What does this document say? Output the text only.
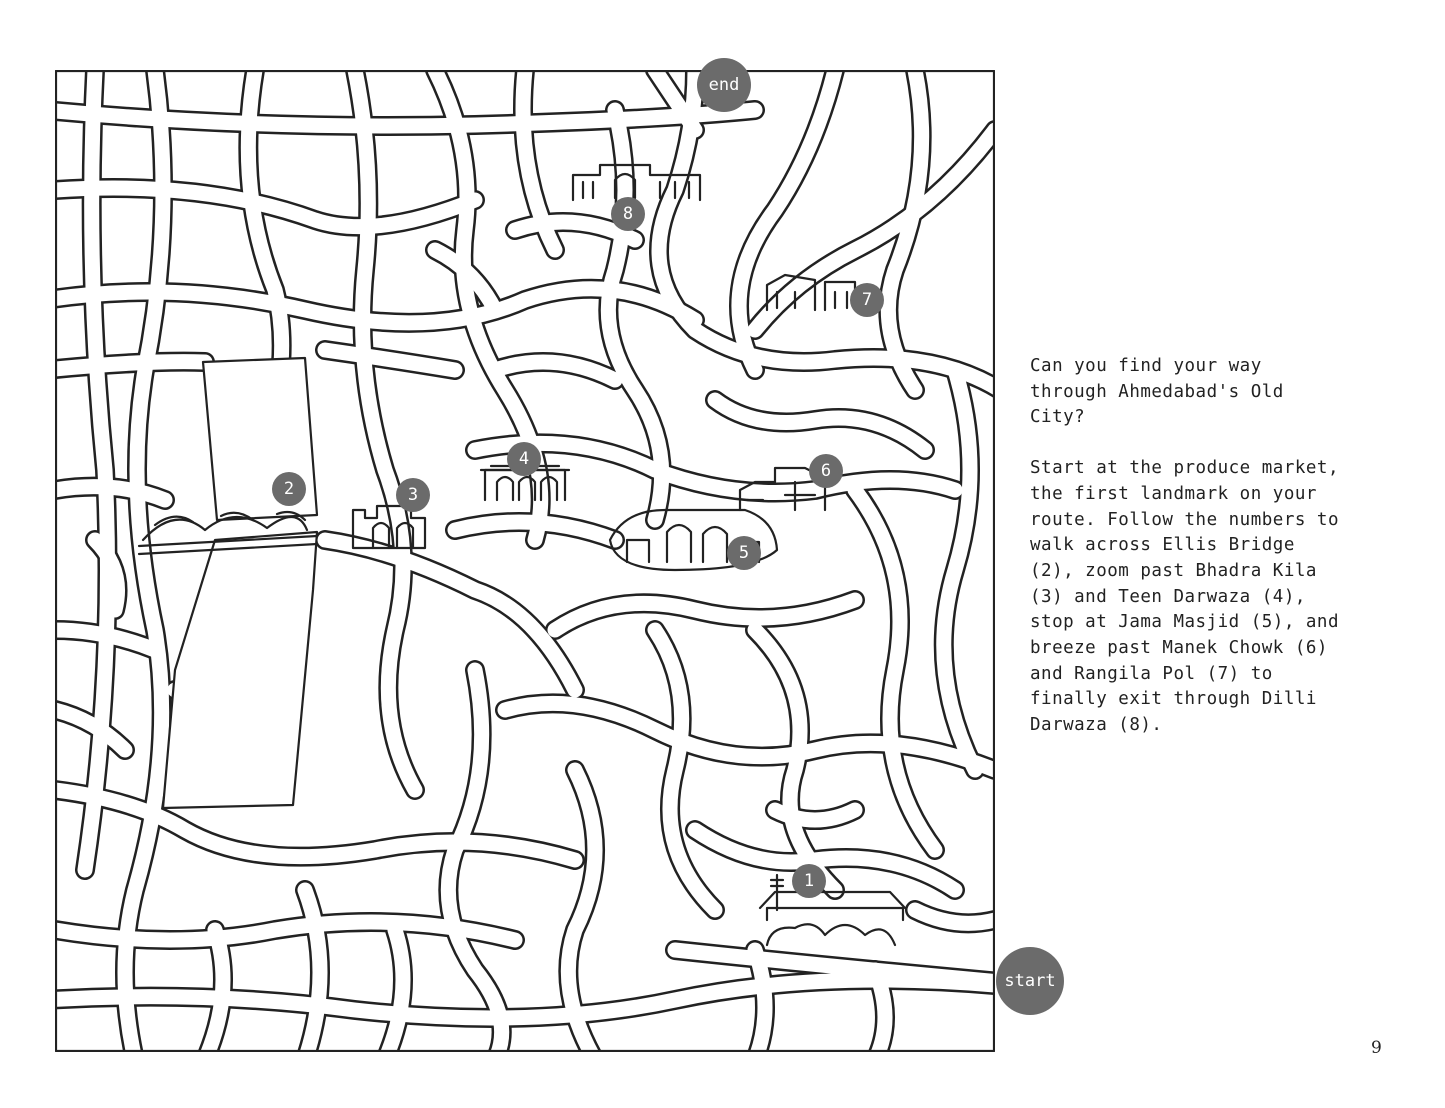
1
2	3
4
5
6
7
8
end
start

Can you find your way through Ahmedabad's Old City?

Start at the produce market, the first landmark on your route. Follow the numbers to walk across Ellis Bridge (2), zoom past Bhadra Kila (3) and Teen Darwaza (4), stop at Jama Masjid (5), and breeze past Manek Chowk (6) and Rangila Pol (7) to finally exit through Dilli Darwaza (8).

9
